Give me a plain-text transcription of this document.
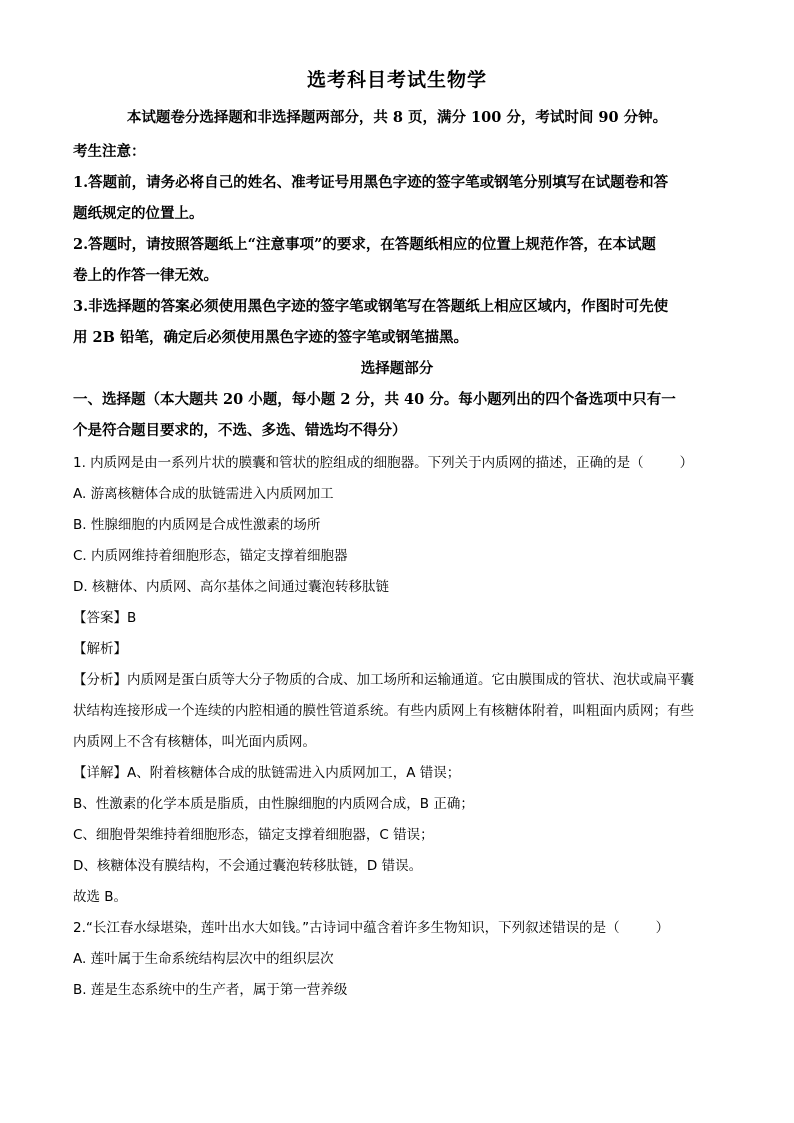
选考科目考试生物学
本试题卷分选择题和非选择题两部分，共 8 页，满分 100 分，考试时间 90 分钟。
考生注意：
1.答题前，请务必将自己的姓名、准考证号用黑色字迹的签字笔或钢笔分别填写在试题卷和答
题纸规定的位置上。
2.答题时，请按照答题纸上“注意事项”的要求，在答题纸相应的位置上规范作答，在本试题
卷上的作答一律无效。
3.非选择题的答案必须使用黑色字迹的签字笔或钢笔写在答题纸上相应区域内，作图时可先使
用 2B 铅笔，确定后必须使用黑色字迹的签字笔或钢笔描黑。
选择题部分
一、选择题（本大题共 20 小题，每小题 2 分，共 40 分。每小题列出的四个备选项中只有一
个是符合题目要求的，不选、多选、错选均不得分）
1. 内质网是由一系列片状的膜囊和管状的腔组成的细胞器。下列关于内质网的描述，正确的是（	）
A. 游离核糖体合成的肽链需进入内质网加工
B. 性腺细胞的内质网是合成性激素的场所
C. 内质网维持着细胞形态，锚定支撑着细胞器
D. 核糖体、内质网、高尔基体之间通过囊泡转移肽链
【答案】B
【解析】
【分析】内质网是蛋白质等大分子物质的合成、加工场所和运输通道。它由膜围成的管状、泡状或扁平囊
状结构连接形成一个连续的内腔相通的膜性管道系统。有些内质网上有核糖体附着，叫粗面内质网；有些
内质网上不含有核糖体，叫光面内质网。
【详解】A、附着核糖体合成的肽链需进入内质网加工，A 错误；
B、性激素的化学本质是脂质，由性腺细胞的内质网合成，B 正确；
C、细胞骨架维持着细胞形态，锚定支撑着细胞器，C 错误；
D、核糖体没有膜结构，不会通过囊泡转移肽链，D 错误。
故选 B。
2.“长江春水绿堪染，莲叶出水大如钱。”古诗词中蕴含着许多生物知识，下列叙述错误的是（	）
A. 莲叶属于生命系统结构层次中的组织层次
B. 莲是生态系统中的生产者，属于第一营养级
